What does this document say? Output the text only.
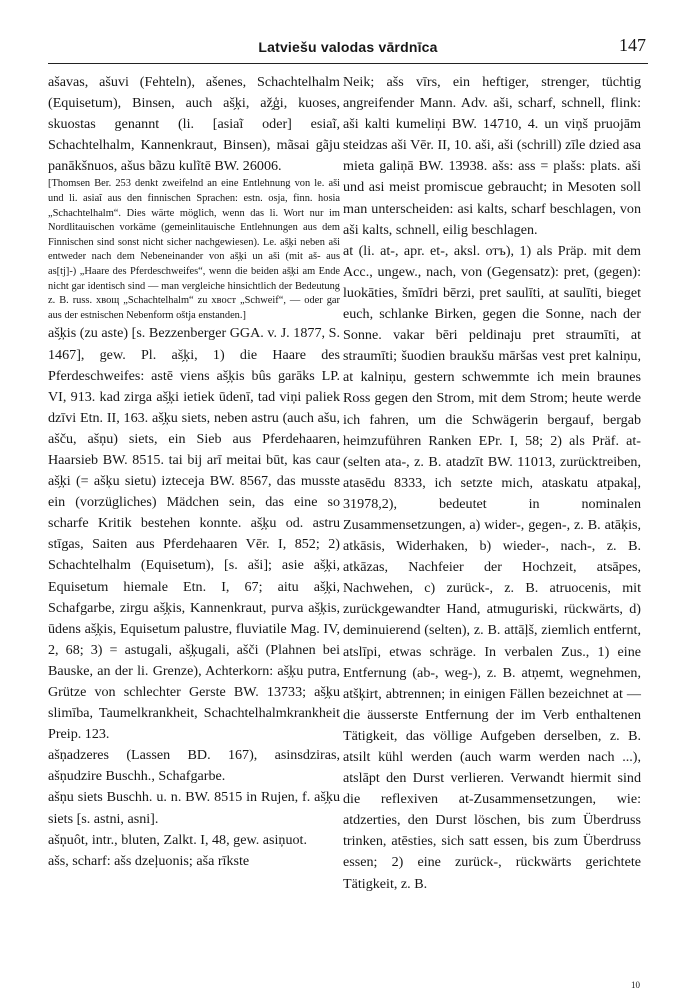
Latviešu valodas vārdnīca	147

ašavas, ašuvi (Fehteln), ašenes, Schachtelhalm (Equisetum), Binsen, auch aš̗ķi, až̗ģi, kuoses, skuostas genannt (li. [asiaĩ oder] esiaĩ, Schachtelhalm, Kannenkraut, Binsen), mãsai gãju panākšnuos, ašus bãzu kulĩtē BW. 26006.

[Thomsen Ber. 253 denkt zweifelnd an eine Entlehnung von le. aši und li. asiaĩ aus den finnischen Sprachen: estn. osja, finn. hosia „Schachtelhalm“. Dies wärte möglich, wenn das li. Wort nur im Nordlitauischen vorkäme (gemeinlitauische Entlehnungen aus dem Finnischen sind sonst nicht sicher nachgewiesen). Le. aš̗ķi neben aši entweder nach dem Nebeneinander von aš̗ķi un aši (mit aš- aus as[tj]-) „Haare des Pferdeschweifes“, wenn die beiden aš̗ķi am Ende nicht gar identisch sind — man vergleiche hinsichtlich der Bedeutung z. B. russ. хвощ „Schachtelhalm“ zu хвост „Schweif“, — oder gar aus der estnischen Nebenform oštja enstanden.]

aš̗ķis (zu aste) [s. Bezzenberger GGA. v. J. 1877, S. 1467], gew. Pl. aš̗ķi, 1) die Haare des Pferdeschweifes: astē viens aš̗ķis bûs garāks LP. VI, 913. kad zirga aš̗ķi ietiek ūdenī, tad viņi paliek dzīvi Etn. II, 163. aš̗ķu siets, neben astru (auch ašu, ašču, ašņu) siets, ein Sieb aus Pferdehaaren, Haarsieb BW. 8515. tai bij arī meitai būt, kas caur aš̗ķi (= ašķu sietu) izteceja BW. 8567, das musste ein (vorzügliches) Mädchen sein, das eine so scharfe Kritik bestehen konnte. aš̗ķu od. astru stīgas, Saiten aus Pferdehaaren Vēr. I, 852; 2) Schachtelhalm (Equisetum), [s. aši]; asie aš̗ķi, Equisetum hiemale Etn. I, 67; aitu aš̗ķi, Schafgarbe, zirgu aš̗ķis, Kannenkraut, purva aš̗ķis, ūdens aš̗ķis, Equisetum palustre, fluviatile Mag. IV, 2, 68; 3) = astugali, aš̗ķugali, ašči (Plahnen bei Bauske, an der li. Grenze), Achterkorn: aš̗ķu putra, Grütze von schlechter Gerste BW. 13733; aš̗ķu slimība, Taumelkrankheit, Schachtelhalmkrankheit Preip. 123.

ašņadzeres (Lassen BD. 167), asinsdziras, ašņudzire Buschh., Schafgarbe.

ašņu siets Buschh. u. n. BW. 8515 in Rujen, f. aš̗ķu siets [s. astni, asni].

ašņuôt, intr., bluten, Zalkt. I, 48, gew. asiņuot.

ašs, scharf: ašs dzeļuonis; aša rīkste

Neik; ašs vīrs, ein heftiger, strenger, tüchtig angreifender Mann. Adv. aši, scharf, schnell, flink: aši kalti kumeliņi BW. 14710, 4. un viņš pruojām steidzas aši Vēr. II, 10. aši, aši (schrill) zīle dzied asa mieta galiņā BW. 13938. ašs: ass = plašs: plats. aši und asi meist promiscue gebraucht; in Mesoten soll man unterscheiden: asi kalts, scharf beschlagen, von aši kalts, schnell, eilig beschlagen.

at (li. at-, apr. et-, aksl. отъ), 1) als Präp. mit dem Acc., ungew., nach, von (Gegensatz): pret, (gegen): luokāties, šmīdri bērzi, pret saulīti, at saulīti, bieget euch, schlanke Birken, gegen die Sonne, nach der Sonne. vakar bēri peldinaju pret straumīti, at straumīti; šuodien braukšu māršas vest pret kalniņu, at kalniņu, gestern schwemmte ich mein braunes Ross gegen den Strom, mit dem Strom; heute werde ich fahren, um die Schwägerin bergauf, bergab heimzuführen Ranken EPr. I, 58; 2) als Präf. at- (selten ata-, z. B. atadzīt BW. 11013, zurücktreiben, atasēdu 8333, ich setzte mich, ataskatu atpakaļ, 31978,2), bedeutet in nominalen Zusammensetzungen, a) wider-, gegen-, z. B. atāķis, atkāsis, Widerhaken, b) wieder-, nach-, z. B. atkāzas, Nachfeier der Hochzeit, atsāpes, Nachwehen, c) zurück-, z. B. atruocenis, mit zurückgewandter Hand, atmuguriski, rückwärts, d) deminuierend (selten), z. B. attāļš, ziemlich entfernt, atslīpi, etwas schräge. In verbalen Zus., 1) eine Entfernung (ab-, weg-), z. B. atņemt, wegnehmen, atšķirt, abtrennen; in einigen Fällen bezeichnet at — die äusserste Entfernung der im Verb enthaltenen Tätigkeit, das völlige Aufgeben derselben, z. B. atsilt kühl werden (auch warm werden nach ...), atslāpt den Durst verlieren. Verwandt hiermit sind die reflexiven at-Zusammensetzungen, wie: atdzerties, den Durst löschen, bis zum Überdruss trinken, atēsties, sich satt essen, bis zum Überdruss essen; 2) eine zurück-, rückwärts gerichtete Tätigkeit, z. B.

10
